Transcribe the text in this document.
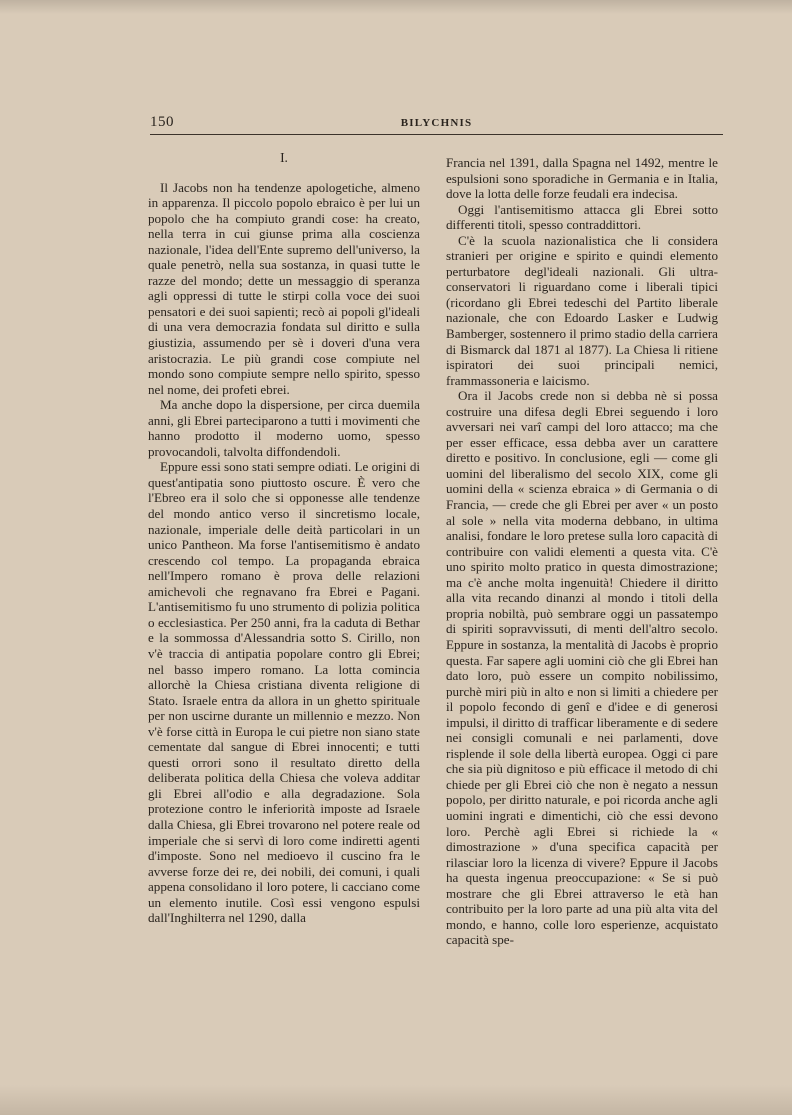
150	BILYCHNIS
I.

Il Jacobs non ha tendenze apologetiche, almeno in apparenza. Il piccolo popolo ebraico è per lui un popolo che ha compiuto grandi cose: ha creato, nella terra in cui giunse prima alla coscienza nazionale, l'idea dell'Ente supremo dell'universo, la quale penetrò, nella sua sostanza, in quasi tutte le razze del mondo; dette un messaggio di speranza agli oppressi di tutte le stirpi colla voce dei suoi pensatori e dei suoi sapienti; recò ai popoli gl'ideali di una vera democrazia fondata sul diritto e sulla giustizia, assumendo per sè i doveri d'una vera aristocrazia. Le più grandi cose compiute nel mondo sono compiute sempre nello spirito, spesso nel nome, dei profeti ebrei.

Ma anche dopo la dispersione, per circa duemila anni, gli Ebrei parteciparono a tutti i movimenti che hanno prodotto il moderno uomo, spesso provocandoli, talvolta diffondendoli.

Eppure essi sono stati sempre odiati. Le origini di quest'antipatia sono piuttosto oscure. È vero che l'Ebreo era il solo che si opponesse alle tendenze del mondo antico verso il sincretismo locale, nazionale, imperiale delle deità particolari in un unico Pantheon. Ma forse l'antisemitismo è andato crescendo col tempo. La propaganda ebraica nell'Impero romano è prova delle relazioni amichevoli che regnavano fra Ebrei e Pagani. L'antisemitismo fu uno strumento di polizia politica o ecclesiastica. Per 250 anni, fra la caduta di Bethar e la sommossa d'Alessandria sotto S. Cirillo, non v'è traccia di antipatia popolare contro gli Ebrei; nel basso impero romano. La lotta comincia allorchè la Chiesa cristiana diventa religione di Stato. Israele entra da allora in un ghetto spirituale per non uscirne durante un millennio e mezzo. Non v'è forse città in Europa le cui pietre non siano state cementate dal sangue di Ebrei innocenti; e tutti questi orrori sono il resultato diretto della deliberata politica della Chiesa che voleva additar gli Ebrei all'odio e alla degradazione. Sola protezione contro le inferiorità imposte ad Israele dalla Chiesa, gli Ebrei trovarono nel potere reale od imperiale che si servì di loro come indiretti agenti d'imposte. Sono nel medioevo il cuscino fra le avverse forze dei re, dei nobili, dei comuni, i quali appena consolidano il loro potere, li cacciano come un elemento inutile. Così essi vengono espulsi dall'Inghilterra nel 1290, dalla

Francia nel 1391, dalla Spagna nel 1492, mentre le espulsioni sono sporadiche in Germania e in Italia, dove la lotta delle forze feudali era indecisa.

Oggi l'antisemitismo attacca gli Ebrei sotto differenti titoli, spesso contraddittori.

C'è la scuola nazionalistica che li considera stranieri per origine e spirito e quindi elemento perturbatore degl'ideali nazionali. Gli ultra-conservatori li riguardano come i liberali tipici (ricordano gli Ebrei tedeschi del Partito liberale nazionale, che con Edoardo Lasker e Ludwig Bamberger, sostennero il primo stadio della carriera di Bismarck dal 1871 al 1877). La Chiesa li ritiene ispiratori dei suoi principali nemici, frammassoneria e laicismo.

Ora il Jacobs crede non si debba nè si possa costruire una difesa degli Ebrei seguendo i loro avversari nei varî campi del loro attacco; ma che per esser efficace, essa debba aver un carattere diretto e positivo. In conclusione, egli — come gli uomini del liberalismo del secolo XIX, come gli uomini della « scienza ebraica » di Germania o di Francia, — crede che gli Ebrei per aver « un posto al sole » nella vita moderna debbano, in ultima analisi, fondare le loro pretese sulla loro capacità di contribuire con validi elementi a questa vita. C'è uno spirito molto pratico in questa dimostrazione; ma c'è anche molta ingenuità! Chiedere il diritto alla vita recando dinanzi al mondo i titoli della propria nobiltà, può sembrare oggi un passatempo di spiriti sopravvissuti, di menti dell'altro secolo. Eppure in sostanza, la mentalità di Jacobs è proprio questa. Far sapere agli uomini ciò che gli Ebrei han dato loro, può essere un compito nobilissimo, purchè miri più in alto e non si limiti a chiedere per il popolo fecondo di genî e d'idee e di generosi impulsi, il diritto di trafficar liberamente e di sedere nei consigli comunali e nei parlamenti, dove risplende il sole della libertà europea. Oggi ci pare che sia più dignitoso e più efficace il metodo di chi chiede per gli Ebrei ciò che non è negato a nessun popolo, per diritto naturale, e poi ricorda anche agli uomini ingrati e dimentichi, ciò che essi devono loro. Perchè agli Ebrei si richiede la « dimostrazione » d'una specifica capacità per rilasciar loro la licenza di vivere? Eppure il Jacobs ha questa ingenua preoccupazione: « Se si può mostrare che gli Ebrei attraverso le età han contribuito per la loro parte ad una più alta vita del mondo, e hanno, colle loro esperienze, acquistato capacità spe-
